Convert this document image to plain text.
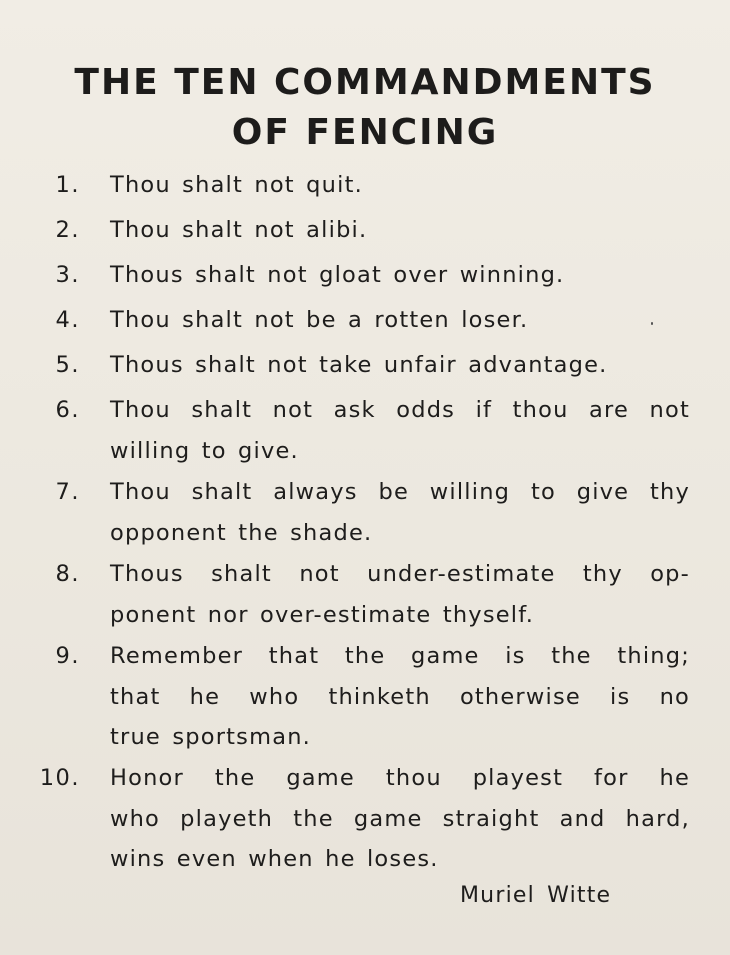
THE TEN COMMANDMENTS
OF FENCING
1. Thou shalt not quit.
2. Thou shalt not alibi.
3. Thous shalt not gloat over winning.
4. Thou shalt not be a rotten loser.
5. Thous shalt not take unfair advantage.
6. Thou shalt not ask odds if thou are not
willing to give.
7. Thou shalt always be willing to give thy
opponent the shade.
8. Thous shalt not under-estimate thy op-
ponent nor over-estimate thyself.
9. Remember that the game is the thing;
that he who thinketh otherwise is no
true sportsman.
10. Honor the game thou playest for he
who playeth the game straight and hard,
wins even when he loses.
Muriel Witte
